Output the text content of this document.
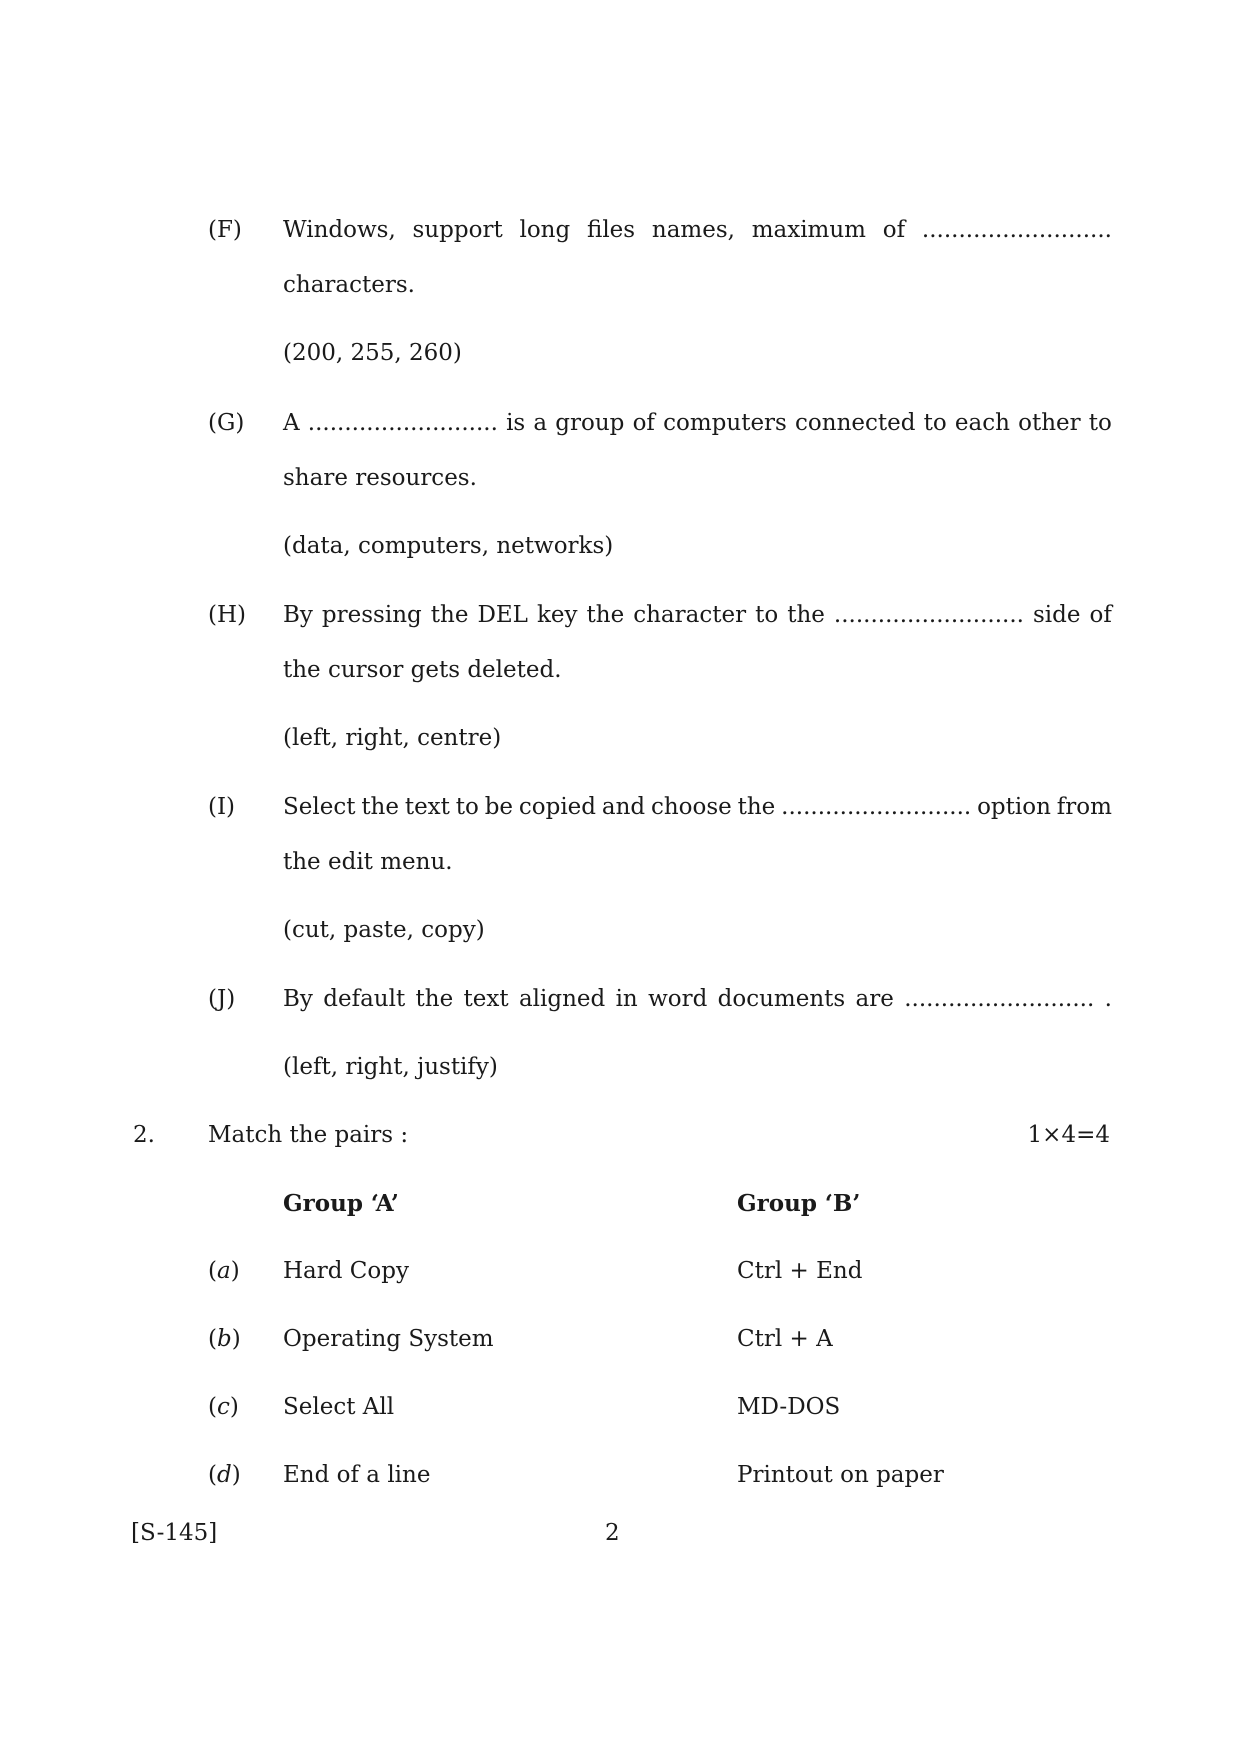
(F) Windows, support long files names, maximum of ..........................
characters.
(200, 255, 260)
(G) A .......................... is a group of computers connected to each other to
share resources.
(data, computers, networks)
(H) By pressing the DEL key the character to the .......................... side of
the cursor gets deleted.
(left, right, centre)
(I) Select the text to be copied and choose the .......................... option from
the edit menu.
(cut, paste, copy)
(J) By default the text aligned in word documents are .......................... .
(left, right, justify)
2. Match the pairs :	1×4=4
Group ‘A’	Group ‘B’
(a) Hard Copy	Ctrl + End
(b) Operating System	Ctrl + A
(c) Select All	MD-DOS
(d) End of a line	Printout on paper
[S-145]	2
